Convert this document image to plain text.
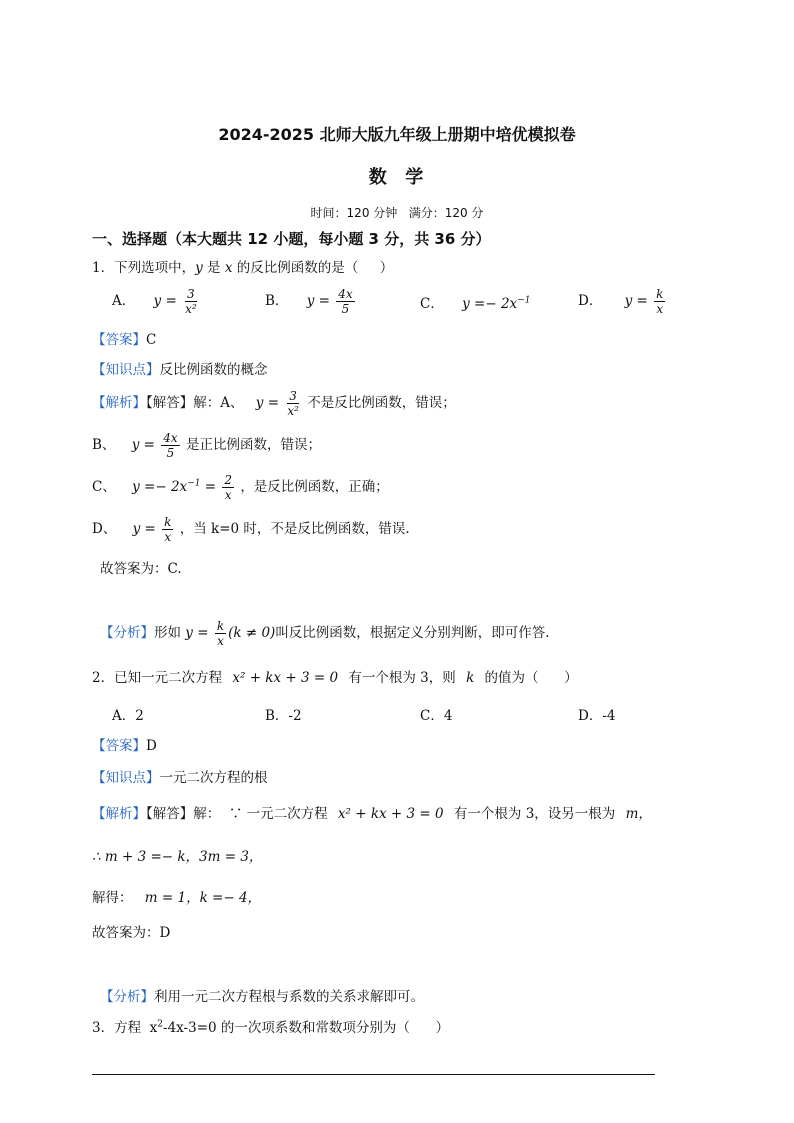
2024-2025 北师大版九年级上册期中培优模拟卷
数  学
时间：120 分钟   满分：120 分
一、选择题（本大题共 12 小题，每小题 3 分，共 36 分）
1．下列选项中，y 是 x 的反比例函数的是（     ）
A． $y = \frac{3}{\text{x²}}$	B． $y = \frac{4x}{5}$	C． $y =- 2x^{-1}$	D． $y = \frac{k}{x}$
【答案】C
【知识点】反比例函数的概念
【解析】【解答】解：A、 $y = \frac{3}{\text{x²}}$ 不是反比例函数，错误；
B、 $y = \frac{4x}{5}$ 是正比例函数，错误；
C、 $y =- 2x^{-1} = \frac{2}{x}$ ，是反比例函数，正确；
D、 $y = \frac{k}{x}$ ，当 k=0 时，不是反比例函数，错误.
故答案为：C.
【分析】形如 $y = \frac{k}{x} (k \ne 0)$叫反比例函数，根据定义分别判断，即可作答.
2．已知一元二次方程 x² + kx + 3 = 0 有一个根为 3，则 k 的值为（      ）
A．2	B．-2	C．4	D．-4
【答案】D
【知识点】一元二次方程的根
【解析】【解答】解：  ∵ 一元二次方程 x² + kx + 3 = 0 有一个根为 3，设另一根为 m，
∴ m + 3 =− k，3m = 3，
解得： m = 1，k =− 4，
故答案为：D
【分析】利用一元二次方程根与系数的关系求解即可。
3．方程  $x^2-4x-3=0$ 的一次项系数和常数项分别为（      ）
